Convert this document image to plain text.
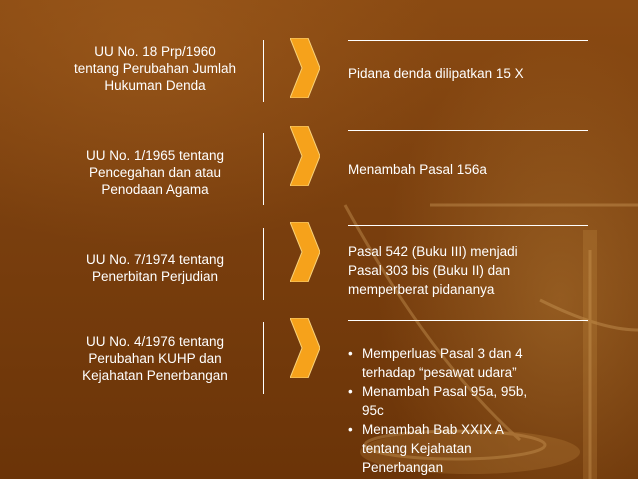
UU No. 18 Prp/1960
tentang Perubahan Jumlah
Hukuman Denda
Pidana denda dilipatkan 15 X
UU No. 1/1965 tentang
Pencegahan dan atau
Penodaan Agama
Menambah Pasal 156a
UU No. 7/1974 tentang
Penerbitan Perjudian
Pasal 542 (Buku III) menjadi
Pasal 303 bis (Buku II) dan
memperberat pidananya
UU No. 4/1976 tentang
Perubahan KUHP dan
Kejahatan Penerbangan
• Memperluas Pasal 3 dan 4
terhadap “pesawat udara”
• Menambah Pasal 95a, 95b,
95c
• Menambah Bab XXIX A
tentang Kejahatan
Penerbangan
